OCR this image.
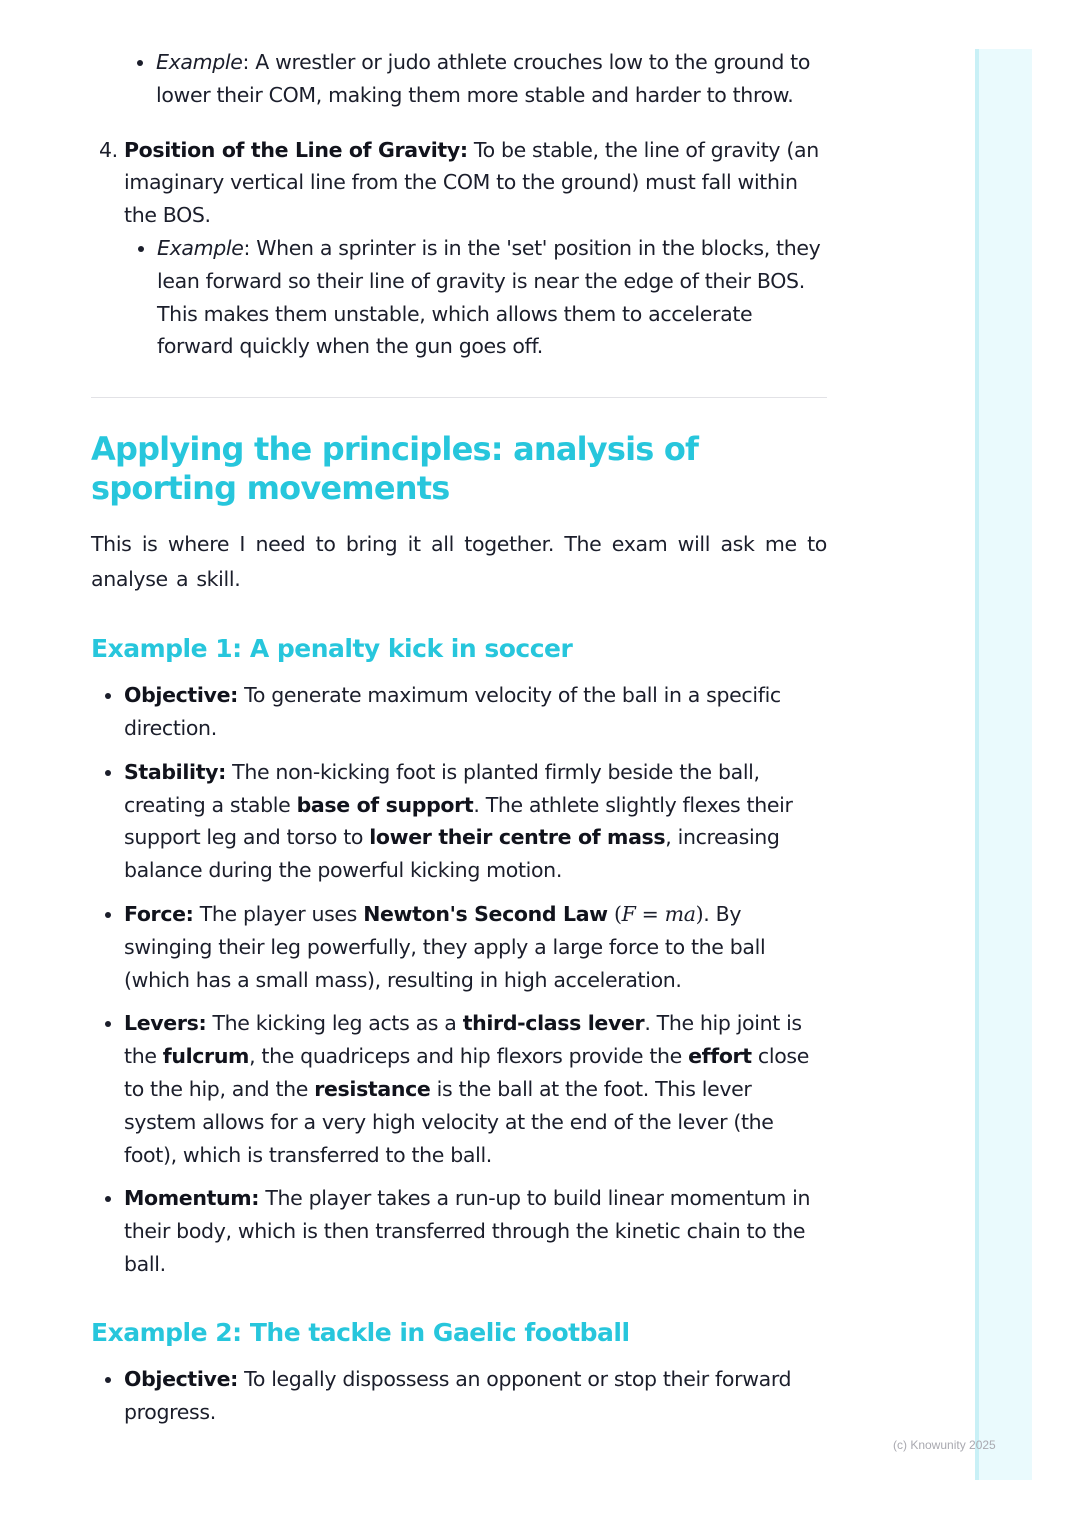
• Example: A wrestler or judo athlete crouches low to the ground to lower their COM, making them more stable and harder to throw.
4. Position of the Line of Gravity: To be stable, the line of gravity (an imaginary vertical line from the COM to the ground) must fall within the BOS.
• Example: When a sprinter is in the 'set' position in the blocks, they lean forward so their line of gravity is near the edge of their BOS. This makes them unstable, which allows them to accelerate forward quickly when the gun goes off.
Applying the principles: analysis of sporting movements

This is where I need to bring it all together. The exam will ask me to analyse a skill.

Example 1: A penalty kick in soccer
• Objective: To generate maximum velocity of the ball in a specific direction.
• Stability: The non-kicking foot is planted firmly beside the ball, creating a stable base of support. The athlete slightly flexes their support leg and torso to lower their centre of mass, increasing balance during the powerful kicking motion.
• Force: The player uses Newton's Second Law (F = ma). By swinging their leg powerfully, they apply a large force to the ball (which has a small mass), resulting in high acceleration.
• Levers: The kicking leg acts as a third-class lever. The hip joint is the fulcrum, the quadriceps and hip flexors provide the effort close to the hip, and the resistance is the ball at the foot. This lever system allows for a very high velocity at the end of the lever (the foot), which is transferred to the ball.
• Momentum: The player takes a run-up to build linear momentum in their body, which is then transferred through the kinetic chain to the ball.
Example 2: The tackle in Gaelic football
• Objective: To legally dispossess an opponent or stop their forward progress.
(c) Knowunity 2025
